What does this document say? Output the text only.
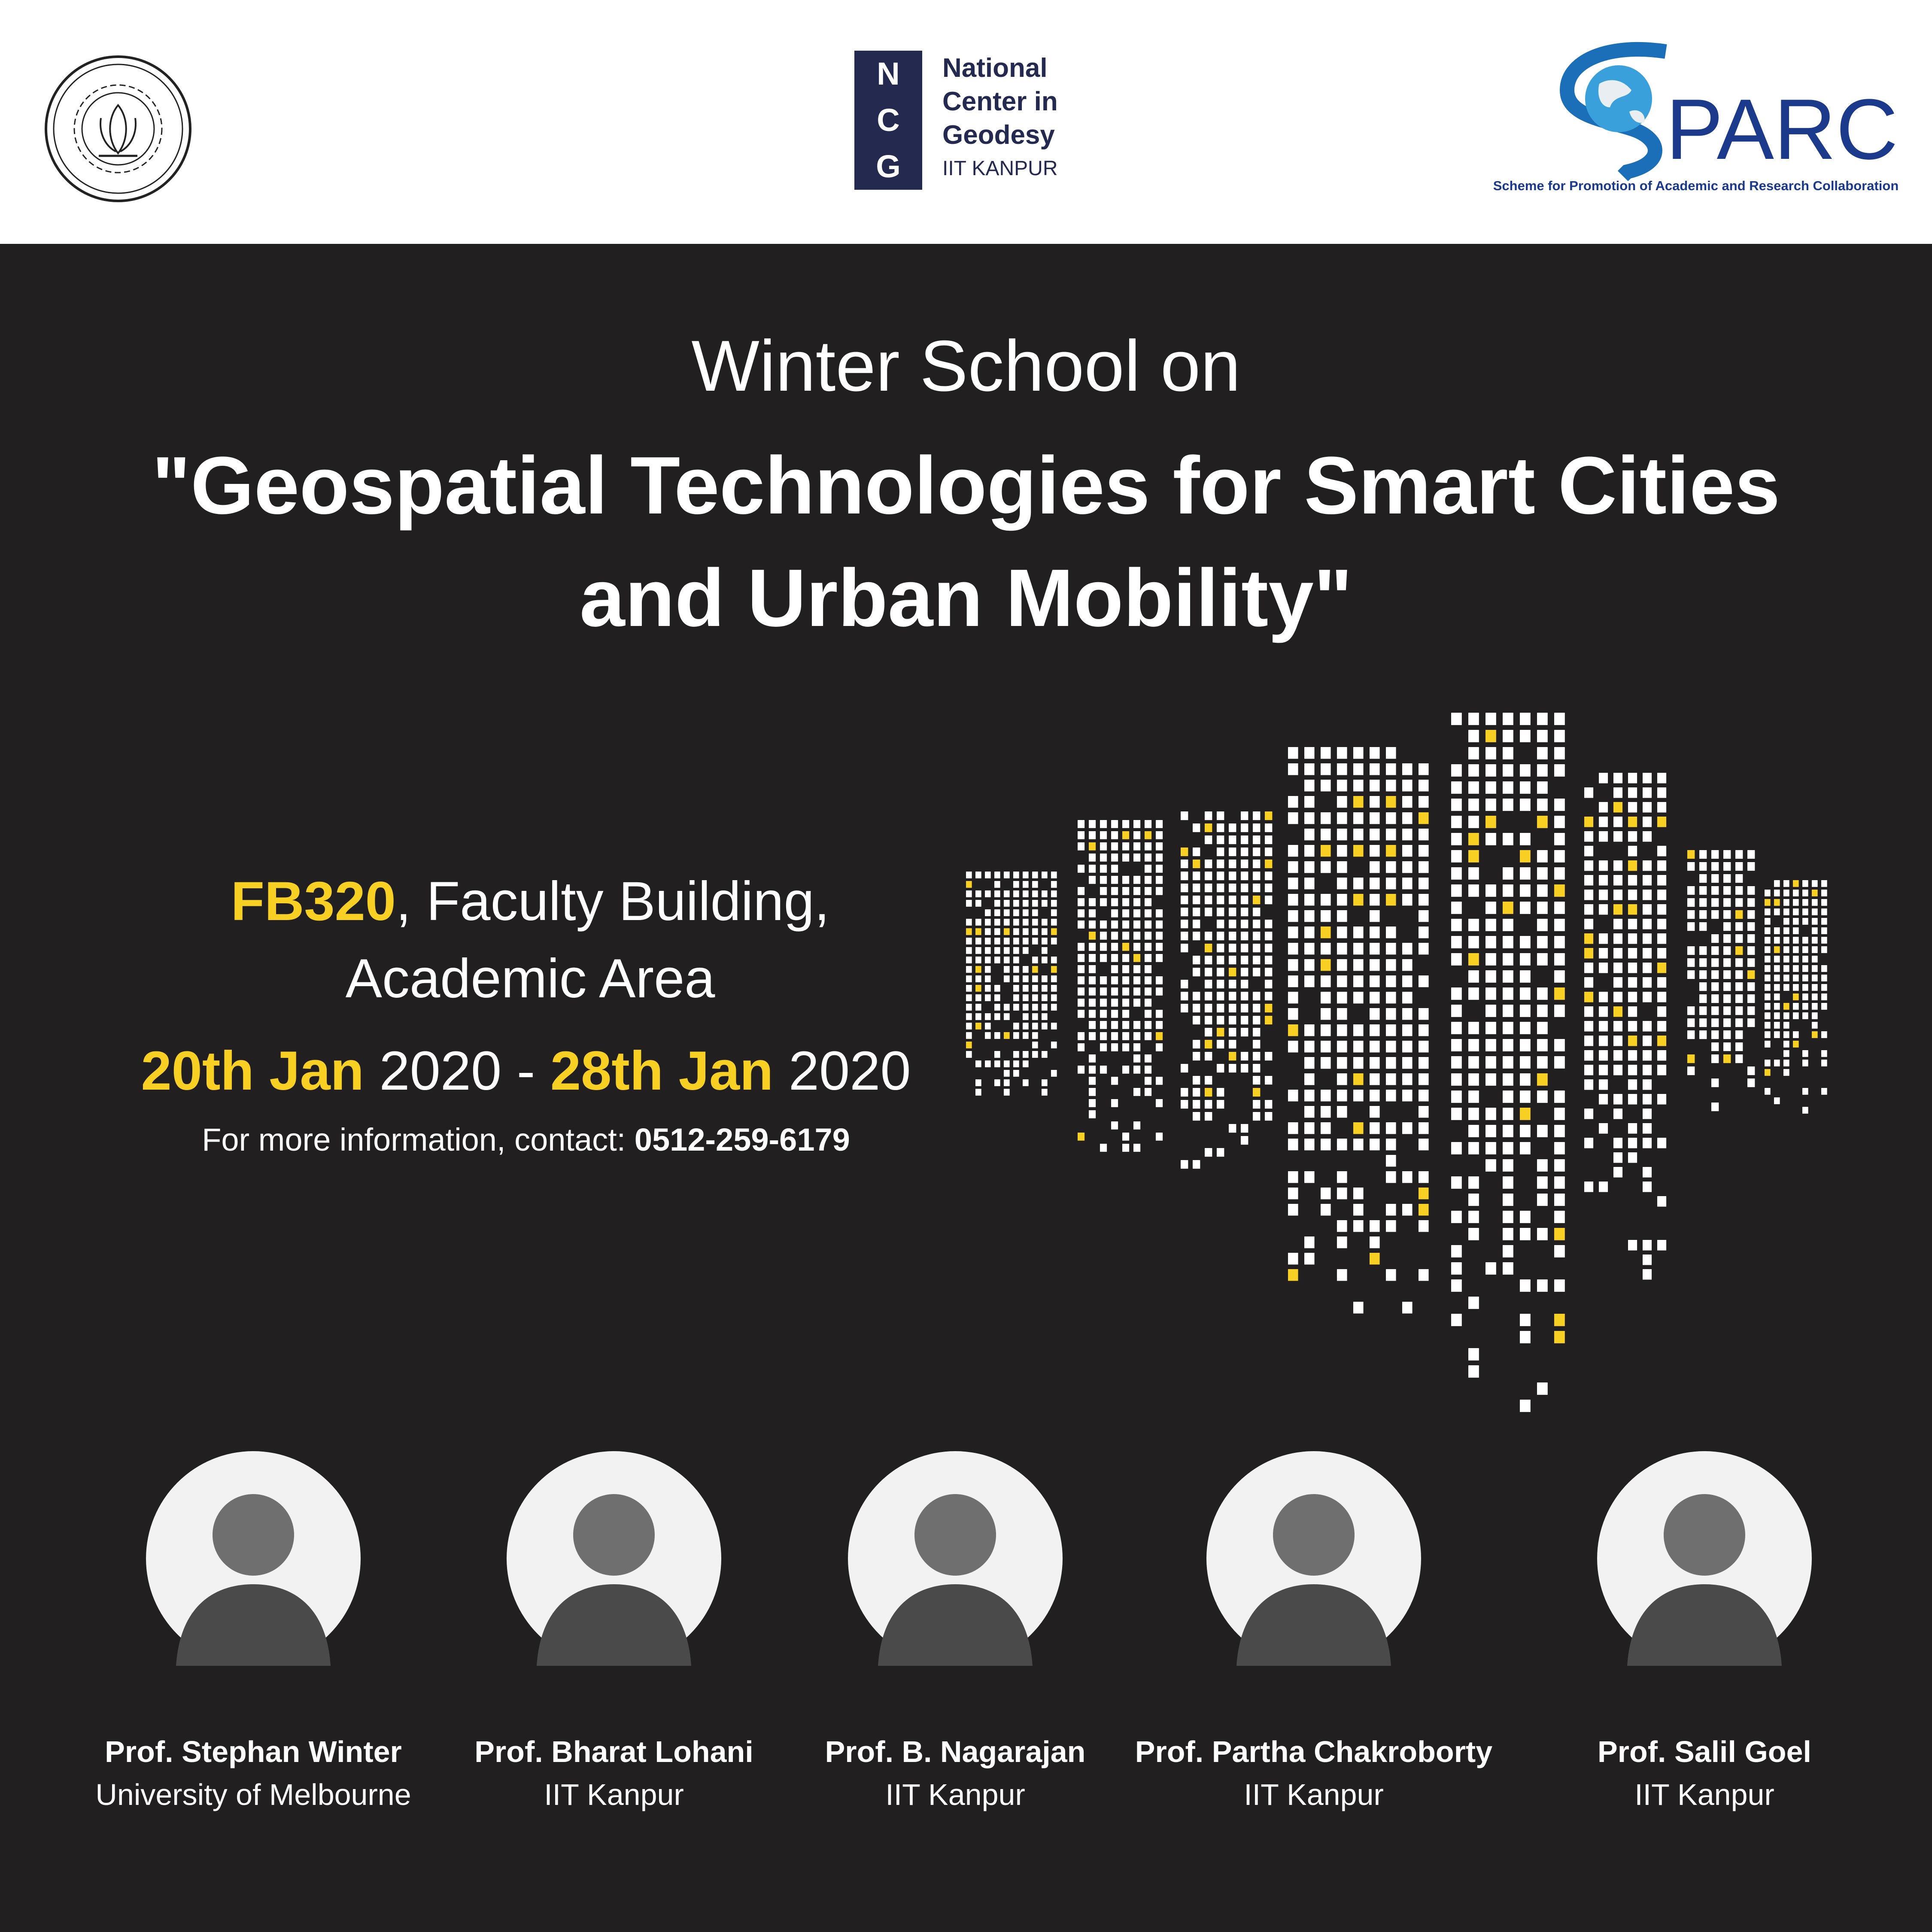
N
C
G
National
Center in
Geodesy
IIT KANPUR	PARC
Scheme for Promotion of Academic and Research Collaboration
Winter School on
"Geospatial Technologies for Smart Cities
and Urban Mobility"
FB320, Faculty Building,
Academic Area
20th Jan 2020 - 28th Jan 2020
For more information, contact: 0512-259-6179
Prof. Stephan Winter
University of Melbourne
Prof. Bharat Lohani
IIT Kanpur
Prof. B. Nagarajan
IIT Kanpur
Prof. Partha Chakroborty
IIT Kanpur
Prof. Salil Goel
IIT Kanpur
